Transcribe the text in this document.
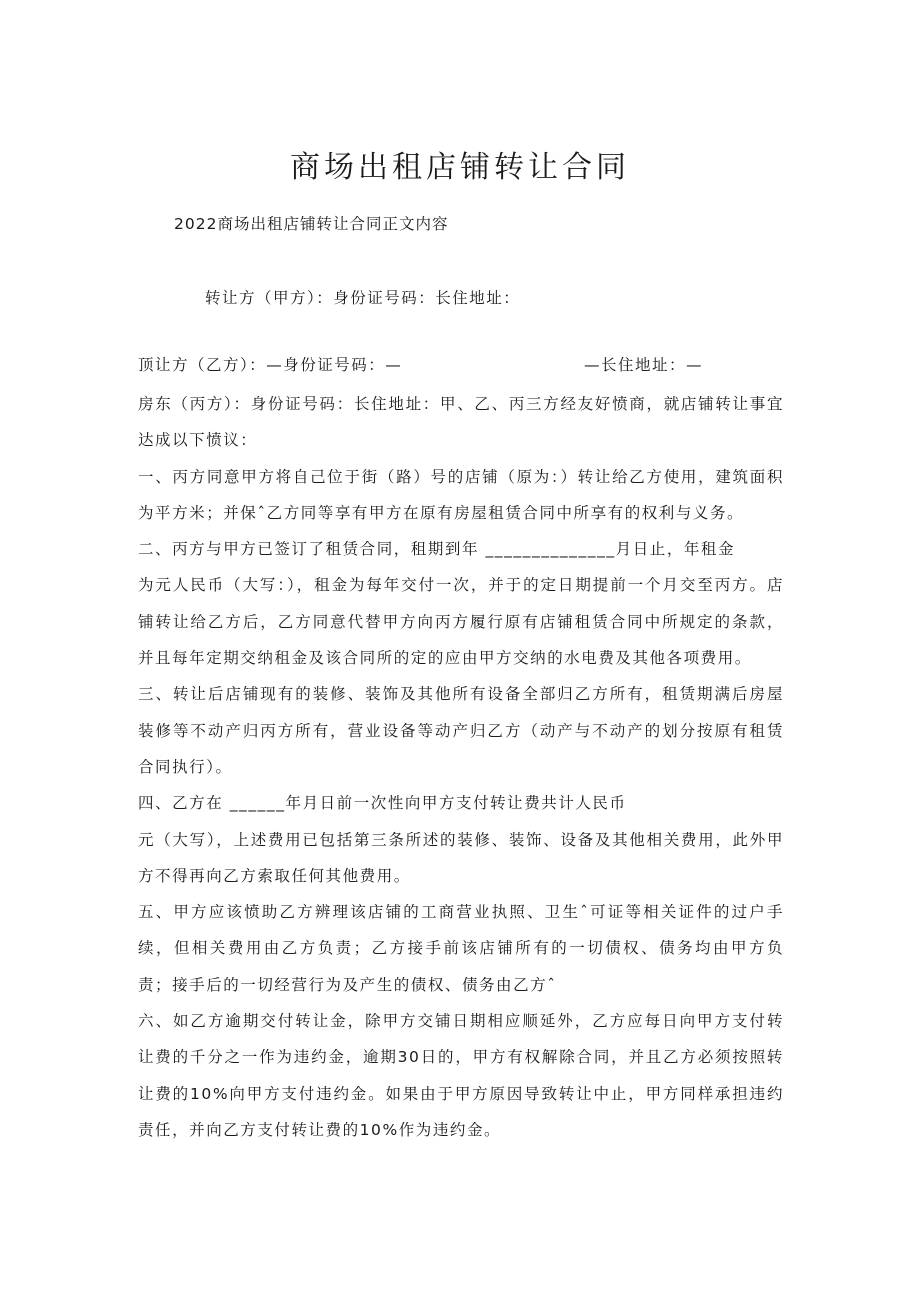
商场出租店铺转让合同
2022商场出租店铺转让合同正文内容
转让方（甲方）：身份证号码：长住地址：
顶让方（乙方）：—身份证号码：—	—长住地址：—

房东（丙方）：身份证号码：长住地址：甲、乙、丙三方经友好愤商，就店铺转让事宜达成以下愤议：

一、丙方同意甲方将自己位于街（路）号的店铺（原为：）转让给乙方使用，建筑面积为平方米；并保ˆ乙方同等享有甲方在原有房屋租赁合同中所享有的权利与义务。

二、丙方与甲方已签订了租赁合同，租期到年 ______________月日止，年租金

为元人民币（大写：），租金为每年交付一次，并于的定日期提前一个月交至丙方。店铺转让给乙方后，乙方同意代替甲方向丙方履行原有店铺租赁合同中所规定的条款，并且每年定期交纳租金及该合同所的定的应由甲方交纳的水电费及其他各项费用。

三、转让后店铺现有的装修、装饰及其他所有设备全部归乙方所有，租赁期满后房屋装修等不动产归丙方所有，营业设备等动产归乙方（动产与不动产的划分按原有租赁合同执行）。

四、乙方在 ______年月日前一次性向甲方支付转让费共计人民币

元（大写），上述费用已包括第三条所述的装修、装饰、设备及其他相关费用，此外甲方不得再向乙方索取任何其他费用。

五、甲方应该愤助乙方辨理该店铺的工商营业执照、卫生ˆ可证等相关证件的过户手续，但相关费用由乙方负责；乙方接手前该店铺所有的一切债权、债务均由甲方负责；接手后的一切经营行为及产生的债权、债务由乙方ˆ

六、如乙方逾期交付转让金，除甲方交铺日期相应顺延外，乙方应每日向甲方支付转让费的千分之一作为违约金，逾期30日的，甲方有权解除合同，并且乙方必须按照转让费的10%向甲方支付违约金。如果由于甲方原因导致转让中止，甲方同样承担违约责任，并向乙方支付转让费的10%作为违约金。
